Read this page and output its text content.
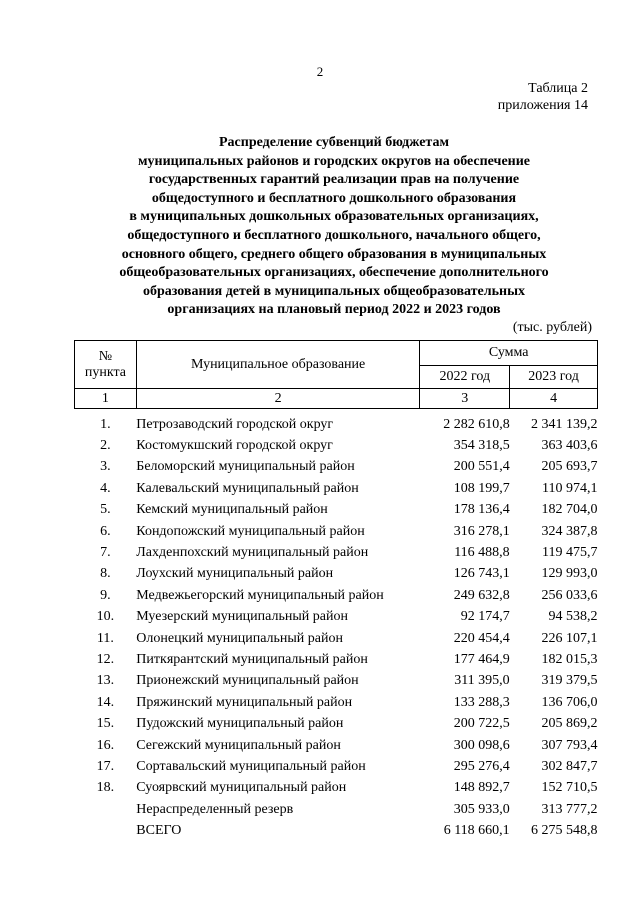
2
Таблица 2
приложения 14
Распределение субвенций бюджетам
муниципальных районов и городских округов на обеспечение
государственных гарантий реализации прав на получение
общедоступного и бесплатного дошкольного образования
в муниципальных дошкольных образовательных организациях,
общедоступного и бесплатного дошкольного, начального общего,
основного общего, среднего общего образования в муниципальных
общеобразовательных организациях, обеспечение дополнительного
образования детей в муниципальных общеобразовательных
организациях на плановый период 2022 и 2023 годов
(тыс. рублей)
№
пункта	Муниципальное образование	Сумма	
		2022 год	2023 год
1	2	3	4

1.	Петрозаводский городской округ	2 282 610,8	2 341 139,2
2.	Костомукшский городской округ	354 318,5	363 403,6
3.	Беломорский муниципальный район	200 551,4	205 693,7
4.	Калевальский муниципальный район	108 199,7	110 974,1
5.	Кемский муниципальный район	178 136,4	182 704,0
6.	Кондопожский муниципальный район	316 278,1	324 387,8
7.	Лахденпохский муниципальный район	116 488,8	119 475,7
8.	Лоухский муниципальный район	126 743,1	129 993,0
9.	Медвежьегорский муниципальный район	249 632,8	256 033,6
10.	Муезерский муниципальный район	92 174,7	94 538,2
11.	Олонецкий муниципальный район	220 454,4	226 107,1
12.	Питкярантский муниципальный район	177 464,9	182 015,3
13.	Прионежский муниципальный район	311 395,0	319 379,5
14.	Пряжинский муниципальный район	133 288,3	136 706,0
15.	Пудожский муниципальный район	200 722,5	205 869,2
16.	Сегежский муниципальный район	300 098,6	307 793,4
17.	Сортавальский муниципальный район	295 276,4	302 847,7
18.	Суоярвский муниципальный район	148 892,7	152 710,5
	Нераспределенный резерв	305 933,0	313 777,2
	ВСЕГО	6 118 660,1	6 275 548,8
